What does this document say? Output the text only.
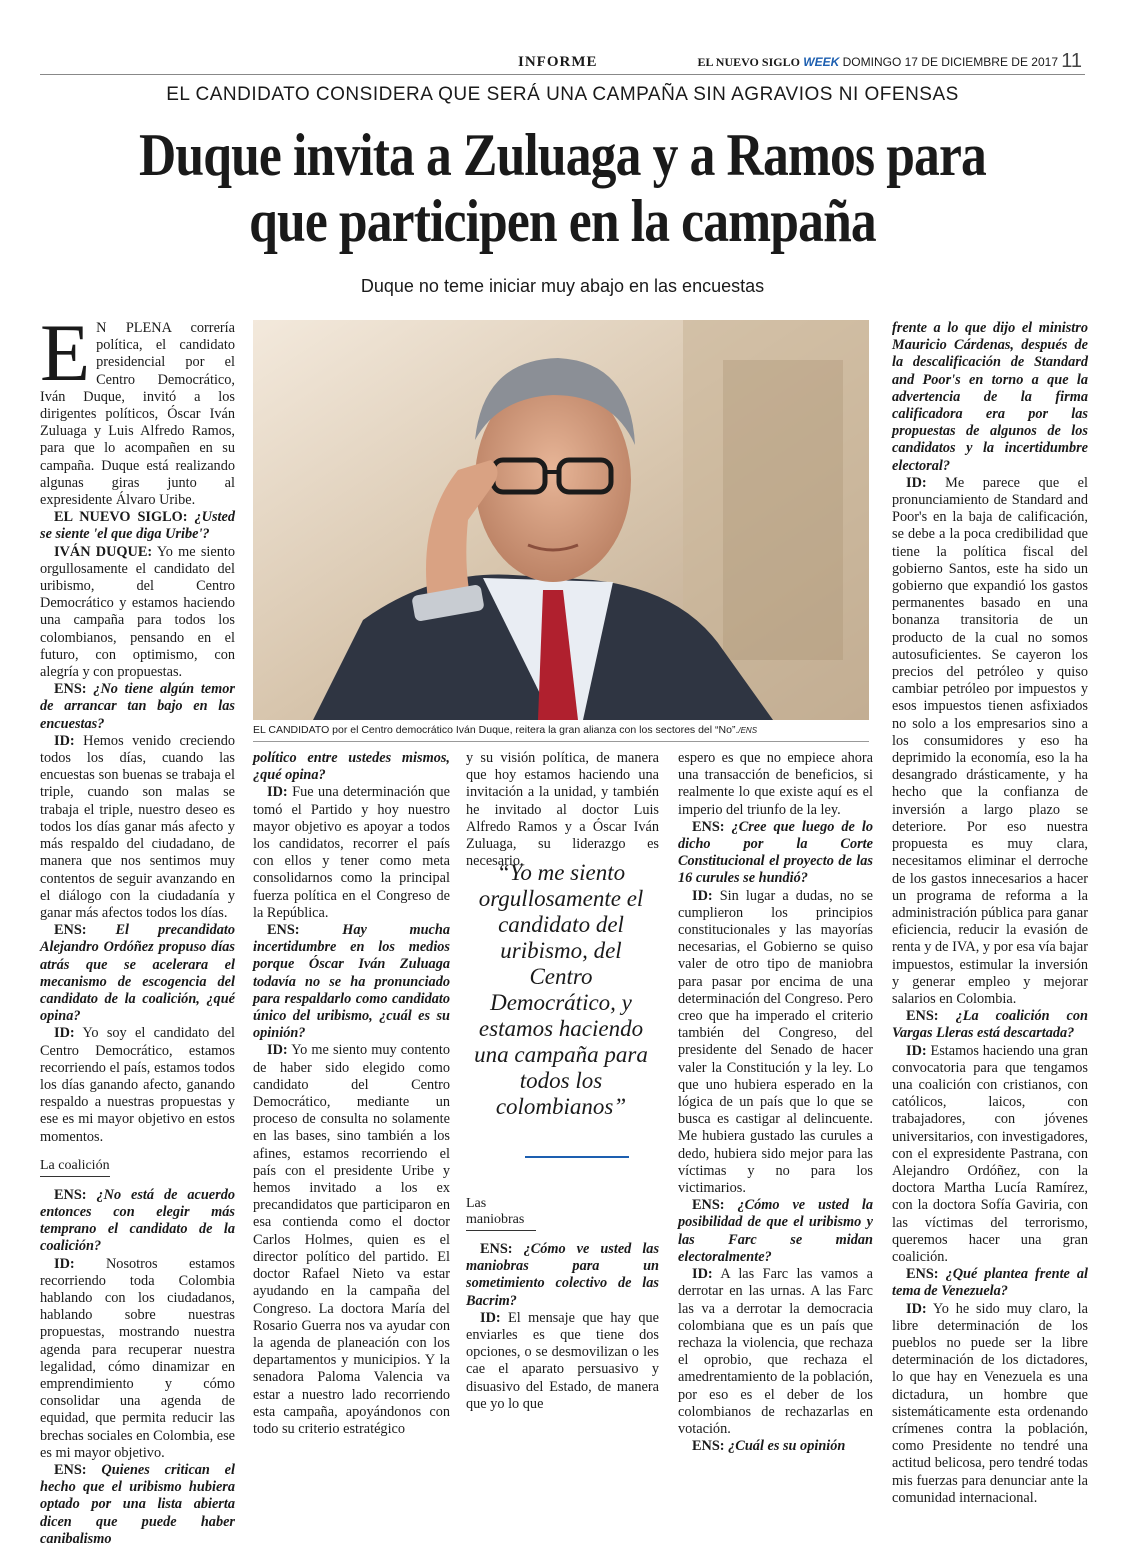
INFORME	EL NUEVO SIGLO WEEK DOMINGO 17 DE DICIEMBRE DE 2017 11
EL CANDIDATO CONSIDERA QUE SERÁ UNA CAMPAÑA SIN AGRAVIOS NI OFENSAS
Duque invita a Zuluaga y a Ramos para
que participen en la campaña
Duque no teme iniciar muy abajo en las encuestas

E N PLENA correría política, el candidato presidencial por el Centro Democrático, Iván Duque, invitó a los dirigentes políticos, Óscar Iván Zuluaga y Luis Alfredo Ramos, para que lo acompañen en su campaña. Duque está realizando algunas giras junto al expresidente Álvaro Uribe.

EL NUEVO SIGLO: ¿Usted se siente 'el que diga Uribe'?

IVÁN DUQUE: Yo me siento orgullosamente el candidato del uribismo, del Centro Democrático y estamos haciendo una campaña para todos los colombianos, pensando en el futuro, con optimismo, con alegría y con propuestas.

ENS: ¿No tiene algún temor de arrancar tan bajo en las encuestas?

ID: Hemos venido creciendo todos los días, cuando las encuestas son buenas se trabaja el triple, cuando son malas se trabaja el triple, nuestro deseo es todos los días ganar más afecto y más respaldo del ciudadano, de manera que nos sentimos muy contentos de seguir avanzando en el diálogo con la ciudadanía y ganar más afectos todos los días.

ENS: El precandidato Alejandro Ordóñez propuso días atrás que se acelerara el mecanismo de escogencia del candidato de la coalición, ¿qué opina?

ID: Yo soy el candidato del Centro Democrático, estamos recorriendo el país, estamos todos los días ganando afecto, ganando respaldo a nuestras propuestas y ese es mi mayor objetivo en estos momentos.

La coalición

ENS: ¿No está de acuerdo entonces con elegir más temprano el candidato de la coalición?

ID: Nosotros estamos recorriendo toda Colombia hablando con los ciudadanos, hablando sobre nuestras propuestas, mostrando nuestra agenda para recuperar nuestra legalidad, cómo dinamizar en emprendimiento y cómo consolidar una agenda de equidad, que permita reducir las brechas sociales en Colombia, ese es mi mayor objetivo.

ENS: Quienes critican el hecho que el uribismo hubiera optado por una lista abierta dicen que puede haber canibalismo

EL CANDIDATO por el Centro democrático Iván Duque, reitera la gran alianza con los sectores del “No”./ENS

político entre ustedes mismos, ¿qué opina?

ID: Fue una determinación que tomó el Partido y hoy nuestro mayor objetivo es apoyar a todos los candidatos, recorrer el país con ellos y tener como meta consolidarnos como la principal fuerza política en el Congreso de la República.

ENS:	Hay mucha incertidumbre en los medios porque Óscar Iván Zuluaga todavía no se ha pronunciado para respaldarlo como candidato único del uribismo, ¿cuál es su opinión?

ID: Yo me siento muy contento de haber sido elegido como candidato del Centro Democrático, mediante un proceso de consulta no solamente en las bases, sino también a los afines, estamos recorriendo el país con el presidente Uribe y hemos invitado a los ex precandidatos que participaron en esa contienda como el doctor Carlos Holmes, quien es el director político del partido. El doctor Rafael Nieto va estar ayudando en la campaña del Congreso. La doctora María del Rosario Guerra nos va ayudar con la agenda de planeación con los departamentos y municipios. Y la senadora Paloma Valencia va estar a nuestro lado recorriendo esta campaña, apoyándonos con todo su criterio estratégico

y su visión política, de manera que hoy estamos haciendo una invitación a la unidad, y también he invitado al doctor Luis Alfredo Ramos y a Óscar Iván Zuluaga, su liderazgo es necesario.

“Yo me siento orgullosamente el candidato del uribismo, del Centro Democrático, y estamos haciendo una campaña para todos los colombianos”

Las maniobras

ENS: ¿Cómo ve usted las maniobras para un sometimiento colectivo de las Bacrim?

ID: El mensaje que hay que enviarles es que tiene dos opciones, o se desmovilizan o les cae el aparato persuasivo y disuasivo del Estado, de manera que yo lo que

espero es que no empiece ahora una transacción de beneficios, si realmente lo que existe aquí es el imperio del triunfo de la ley.

ENS: ¿Cree que luego de lo dicho por la Corte Constitucional el proyecto de las 16 curules se hundió?

ID: Sin lugar a dudas, no se cumplieron los principios constitucionales y las mayorías necesarias, el Gobierno se quiso valer de otro tipo de maniobra para pasar por encima de una determinación del Congreso. Pero creo que ha imperado el criterio también del Congreso, del presidente del Senado de hacer valer la Constitución y la ley. Lo que uno hubiera esperado en la lógica de un país que lo que se busca es castigar al delincuente. Me hubiera gustado las curules a dedo, hubiera sido mejor para las víctimas y no para los victimarios.

ENS: ¿Cómo ve usted la posibilidad de que el uribismo y las Farc se midan electoralmente?

ID: A las Farc las vamos a derrotar en las urnas. A las Farc las va a derrotar la democracia colombiana que es un país que rechaza la violencia, que rechaza el oprobio, que rechaza el amedrentamiento de la población, por eso es el deber de los colombianos de rechazarlas en votación.

ENS: ¿Cuál es su opinión

frente a lo que dijo el ministro Mauricio Cárdenas, después de la descalificación de Standard and Poor's en torno a que la advertencia de la firma calificadora era por las propuestas de algunos de los candidatos y la incertidumbre electoral?

ID: Me parece que el pronunciamiento de Standard and Poor's en la baja de calificación, se debe a la poca credibilidad que tiene la política fiscal del gobierno Santos, este ha sido un gobierno que expandió los gastos permanentes basado en una bonanza transitoria de un producto de la cual no somos autosuficientes. Se cayeron los precios del petróleo y quiso cambiar petróleo por impuestos y esos impuestos tienen asfixiados no solo a los empresarios sino a los consumidores y eso ha deprimido la economía, eso la ha desangrado drásticamente, y ha hecho que la confianza de inversión a largo plazo se deteriore. Por eso nuestra propuesta es muy clara, necesitamos eliminar el derroche de los gastos innecesarios a hacer un programa de reforma a la administración pública para ganar eficiencia, reducir la evasión de renta y de IVA, y por esa vía bajar impuestos, estimular la inversión y generar empleo y mejorar salarios en Colombia.

ENS: ¿La coalición con Vargas Lleras está descartada?

ID: Estamos haciendo una gran convocatoria para que tengamos una coalición con cristianos, con católicos, laicos, con trabajadores, con jóvenes universitarios, con investigadores, con el expresidente Pastrana, con Alejandro Ordóñez, con la doctora Martha Lucía Ramírez, con la doctora Sofía Gaviria, con las víctimas del terrorismo, queremos hacer una gran coalición.

ENS: ¿Qué plantea frente al tema de Venezuela?

ID: Yo he sido muy claro, la libre determinación de los pueblos no puede ser la libre determinación de los dictadores, lo que hay en Venezuela es una dictadura, un hombre que sistemáticamente esta ordenando crímenes contra la población, como Presidente no tendré una actitud belicosa, pero tendré todas mis fuerzas para denunciar ante la comunidad internacional.
